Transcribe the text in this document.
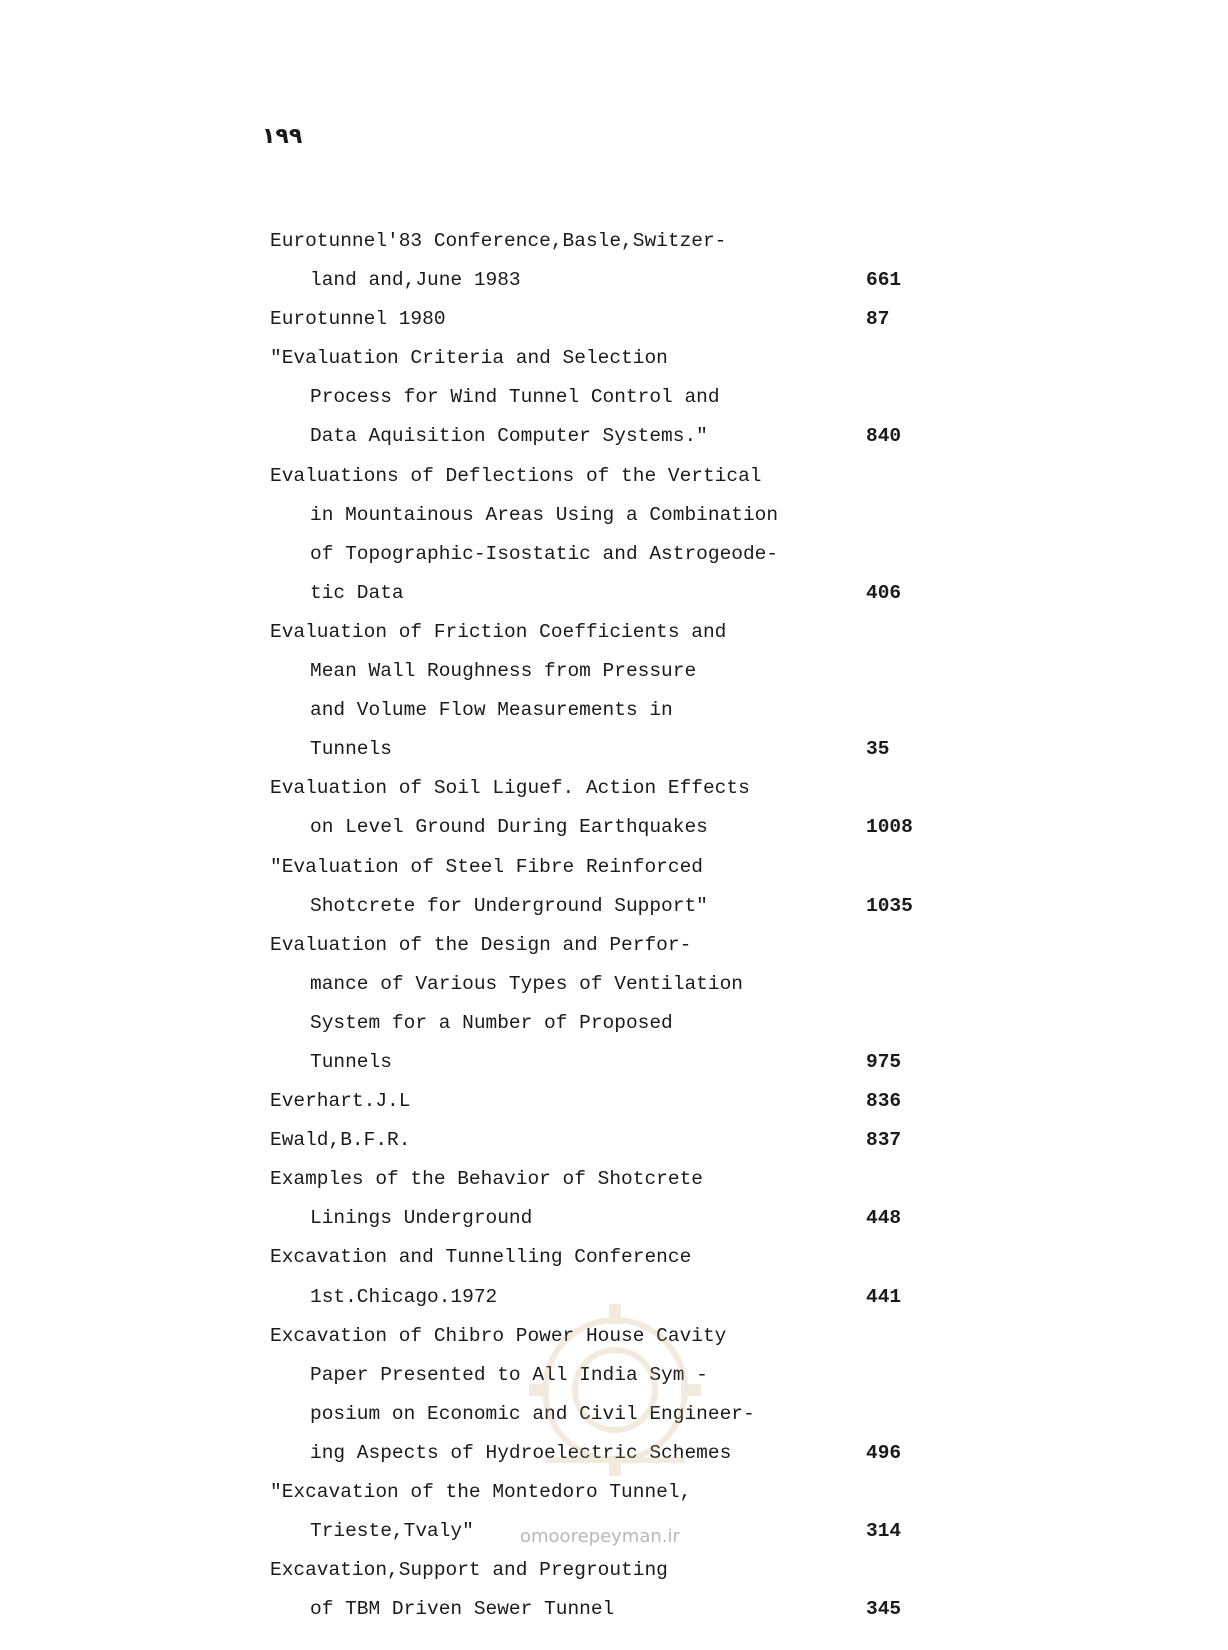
۱۹۹
Eurotunnel'83 Conference,Basle,Switzer-
land and,June 1983	661
Eurotunnel 1980	87
"Evaluation Criteria and Selection
Process for Wind Tunnel Control and
Data Aquisition Computer Systems."	840
Evaluations of Deflections of the Vertical
in Mountainous Areas Using a Combination
of Topographic-Isostatic and Astrogeode-
tic Data	406
Evaluation of Friction Coefficients and
Mean Wall Roughness from Pressure
and Volume Flow Measurements in
Tunnels	35
Evaluation of Soil Liguef. Action Effects
on Level Ground During Earthquakes	1008
"Evaluation of Steel Fibre Reinforced
Shotcrete for Underground Support"	1035
Evaluation of the Design and Perfor-
mance of Various Types of Ventilation
System for a Number of Proposed
Tunnels	975
Everhart.J.L	836
Ewald,B.F.R.	837
Examples of the Behavior of Shotcrete
Linings Underground	448
Excavation and Tunnelling Conference
1st.Chicago.1972	441
Excavation of Chibro Power House Cavity
Paper Presented to All India Sym -
posium on Economic and Civil Engineer-
ing Aspects of Hydroelectric Schemes	496
"Excavation of the Montedoro Tunnel,
Trieste,Tvaly"	314
Excavation,Support and Pregrouting
of TBM Driven Sewer Tunnel	345
omoorepeyman.ir
